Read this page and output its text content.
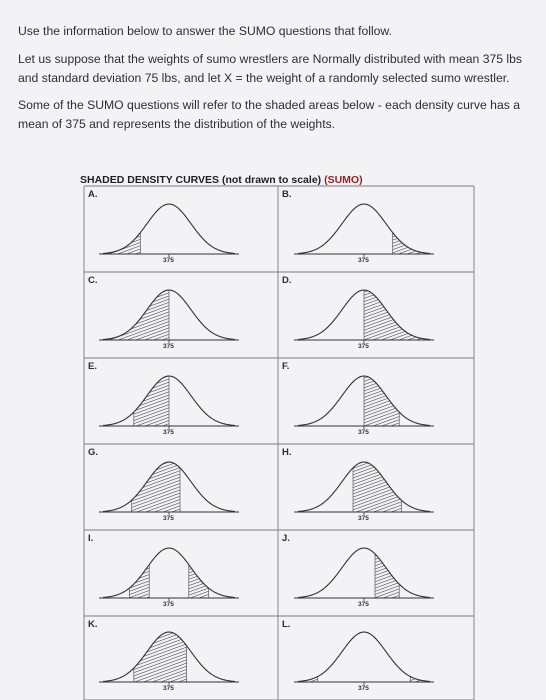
Use the information below to answer the SUMO questions that follow.
Let us suppose that the weights of sumo wrestlers are Normally distributed with mean 375 lbs and standard deviation 75 lbs, and let X = the weight of a randomly selected sumo wrestler.
Some of the SUMO questions will refer to the shaded areas below - each density curve has a mean of 375 and represents the distribution of the weights.
SHADED DENSITY CURVES (not drawn to scale) (SUMO)
A.
375
B.
375
C.
375
D.
375
E.
375
F.
375
G.
375
H.
375
I.
375
J.
375
K.
375
L.
375
